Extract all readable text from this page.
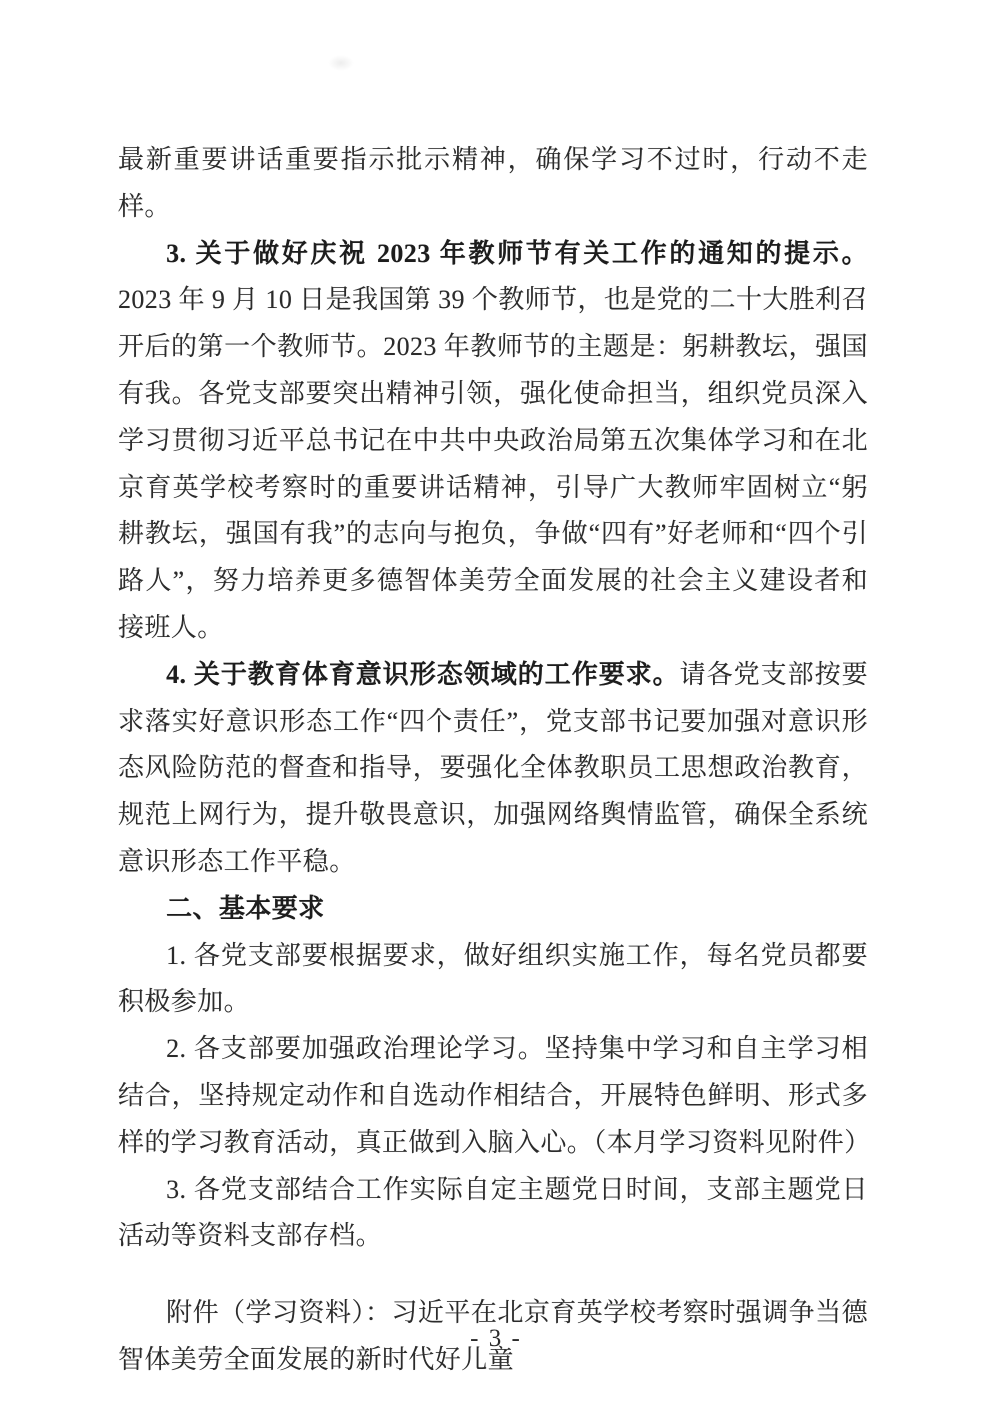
最新重要讲话重要指示批示精神，确保学习不过时，行动不走样。

3. 关于做好庆祝 2023 年教师节有关工作的通知的提示。2023 年 9 月 10 日是我国第 39 个教师节，也是党的二十大胜利召开后的第一个教师节。2023 年教师节的主题是：躬耕教坛，强国有我。各党支部要突出精神引领，强化使命担当，组织党员深入学习贯彻习近平总书记在中共中央政治局第五次集体学习和在北京育英学校考察时的重要讲话精神，引导广大教师牢固树立“躬耕教坛，强国有我”的志向与抱负，争做“四有”好老师和“四个引路人”，努力培养更多德智体美劳全面发展的社会主义建设者和接班人。

4. 关于教育体育意识形态领域的工作要求。请各党支部按要求落实好意识形态工作“四个责任”，党支部书记要加强对意识形态风险防范的督查和指导，要强化全体教职员工思想政治教育，规范上网行为，提升敬畏意识，加强网络舆情监管，确保全系统意识形态工作平稳。

二、基本要求

1. 各党支部要根据要求，做好组织实施工作，每名党员都要积极参加。

2. 各支部要加强政治理论学习。坚持集中学习和自主学习相结合，坚持规定动作和自选动作相结合，开展特色鲜明、形式多样的学习教育活动，真正做到入脑入心。（本月学习资料见附件）

3. 各党支部结合工作实际自定主题党日时间，支部主题党日活动等资料支部存档。

附件（学习资料）：习近平在北京育英学校考察时强调争当德智体美劳全面发展的新时代好儿童

- 3 -
